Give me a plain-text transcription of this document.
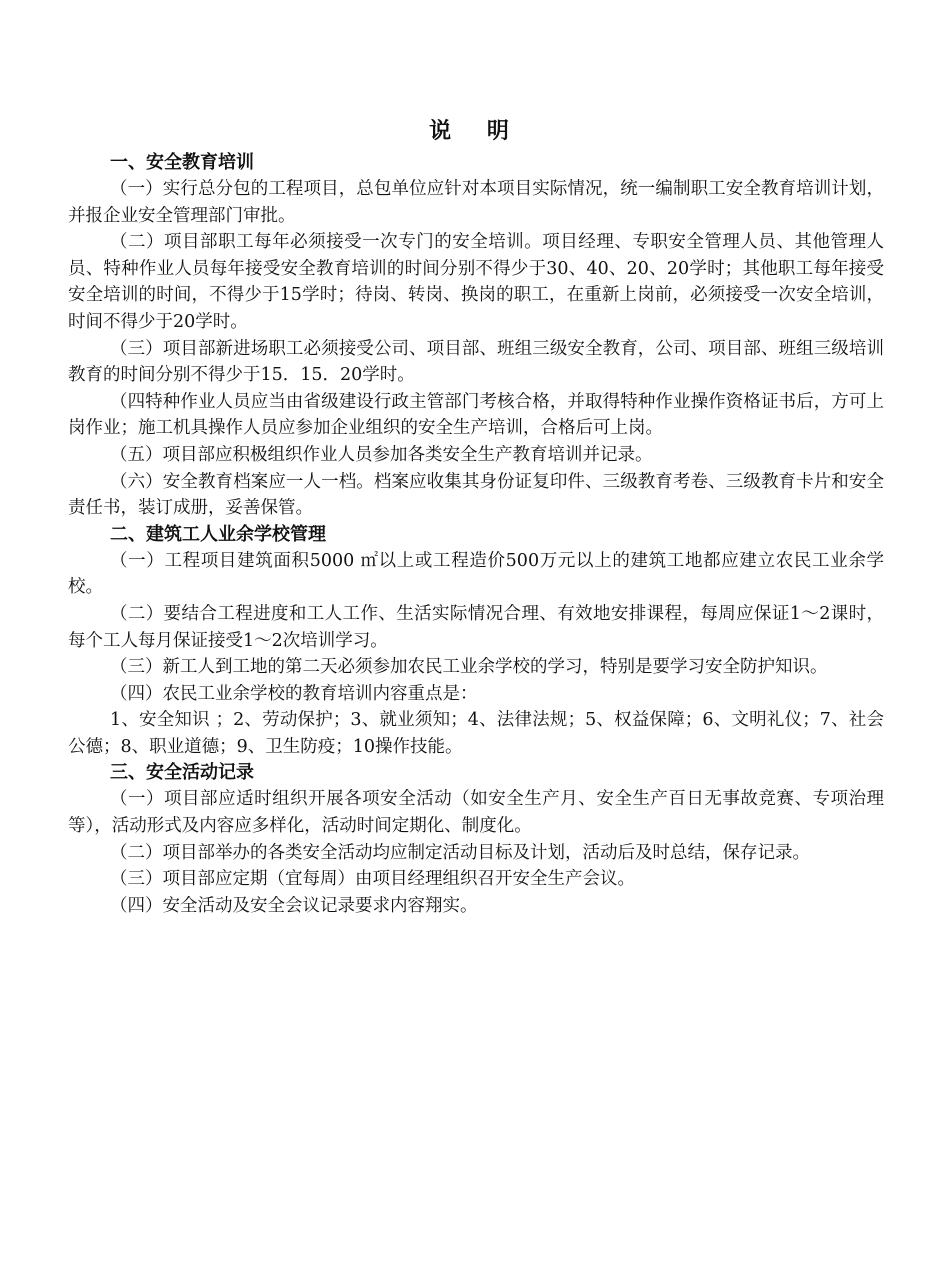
说 明

一、安全教育培训

（一）实行总分包的工程项目，总包单位应针对本项目实际情况，统一编制职工安全教育培训计划，并报企业安全管理部门审批。

（二）项目部职工每年必须接受一次专门的安全培训。项目经理、专职安全管理人员、其他管理人员、特种作业人员每年接受安全教育培训的时间分别不得少于30、40、20、20学时；其他职工每年接受安全培训的时间，不得少于15学时；待岗、转岗、换岗的职工，在重新上岗前，必须接受一次安全培训，时间不得少于20学时。

（三）项目部新进场职工必须接受公司、项目部、班组三级安全教育，公司、项目部、班组三级培训教育的时间分别不得少于15．15．20学时。

（四特种作业人员应当由省级建设行政主管部门考核合格，并取得特种作业操作资格证书后，方可上岗作业；施工机具操作人员应参加企业组织的安全生产培训，合格后可上岗。

（五）项目部应积极组织作业人员参加各类安全生产教育培训并记录。

（六）安全教育档案应一人一档。档案应收集其身份证复印件、三级教育考卷、三级教育卡片和安全责任书，装订成册，妥善保管。

二、建筑工人业余学校管理

（一）工程项目建筑面积5000 ㎡以上或工程造价500万元以上的建筑工地都应建立农民工业余学校。

（二）要结合工程进度和工人工作、生活实际情况合理、有效地安排课程，每周应保证1～2课时，每个工人每月保证接受1～2次培训学习。

（三）新工人到工地的第二天必须参加农民工业余学校的学习，特别是要学习安全防护知识。

（四）农民工业余学校的教育培训内容重点是：

1、安全知识 ；2、劳动保护；3、就业须知；4、法律法规；5、权益保障；6、文明礼仪；7、社会公德；8、职业道德；9、卫生防疫；10操作技能。

三、安全活动记录

（一）项目部应适时组织开展各项安全活动（如安全生产月、安全生产百日无事故竞赛、专项治理等），活动形式及内容应多样化，活动时间定期化、制度化。

（二）项目部举办的各类安全活动均应制定活动目标及计划，活动后及时总结，保存记录。

（三）项目部应定期（宜每周）由项目经理组织召开安全生产会议。

（四）安全活动及安全会议记录要求内容翔实。
